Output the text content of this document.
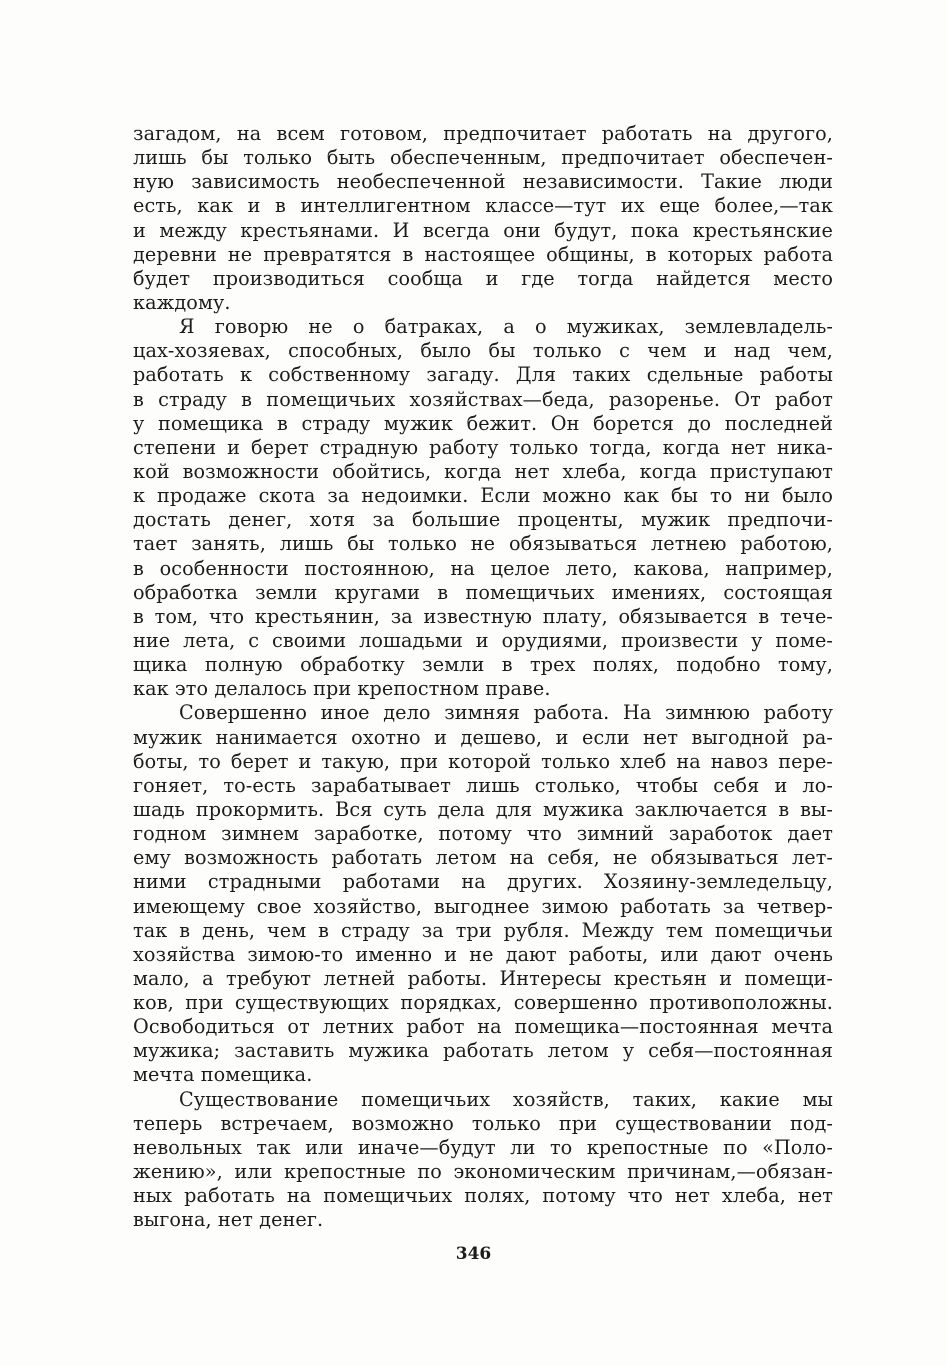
загадом, на всем готовом, предпочитает работать на другого,
лишь бы только быть обеспеченным, предпочитает обеспечен-
ную зависимость необеспеченной независимости. Такие люди
есть, как и в интеллигентном классе—тут их еще более,—так
и между крестьянами. И всегда они будут, пока крестьянские
деревни не превратятся в настоящее общины, в которых работа
будет производиться сообща и где тогда найдется место
каждому.
Я говорю не о батраках, а о мужиках, землевладель-
цах-хозяевах, способных, было бы только с чем и над чем,
работать к собственному загаду. Для таких сдельные работы
в страду в помещичьих хозяйствах—беда, разоренье. От работ
у помещика в страду мужик бежит. Он борется до последней
степени и берет страдную работу только тогда, когда нет ника-
кой возможности обойтись, когда нет хлеба, когда приступают
к продаже скота за недоимки. Если можно как бы то ни было
достать денег, хотя за большие проценты, мужик предпочи-
тает занять, лишь бы только не обязываться летнею работою,
в особенности постоянною, на целое лето, какова, например,
обработка земли кругами в помещичьих имениях, состоящая
в том, что крестьянин, за известную плату, обязывается в тече-
ние лета, с своими лошадьми и орудиями, произвести у поме-
щика полную обработку земли в трех полях, подобно тому,
как это делалось при крепостном праве.
Совершенно иное дело зимняя работа. На зимнюю работу
мужик нанимается охотно и дешево, и если нет выгодной ра-
боты, то берет и такую, при которой только хлеб на навоз пере-
гоняет, то-есть зарабатывает лишь столько, чтобы себя и ло-
шадь прокормить. Вся суть дела для мужика заключается в вы-
годном зимнем заработке, потому что зимний заработок дает
ему возможность работать летом на себя, не обязываться лет-
ними страдными работами на других. Хозяину-земледельцу,
имеющему свое хозяйство, выгоднее зимою работать за четвер-
так в день, чем в страду за три рубля. Между тем помещичьи
хозяйства зимою-то именно и не дают работы, или дают очень
мало, а требуют летней работы. Интересы крестьян и помещи-
ков, при существующих порядках, совершенно противоположны.
Освободиться от летних работ на помещика—постоянная мечта
мужика; заставить мужика работать летом у себя—постоянная
мечта помещика.
Существование помещичьих хозяйств, таких, какие мы
теперь встречаем, возможно только при существовании под-
невольных так или иначе—будут ли то крепостные по «Поло-
жению», или крепостные по экономическим причинам,—обязан-
ных работать на помещичьих полях, потому что нет хлеба, нет
выгона, нет денег.
346
